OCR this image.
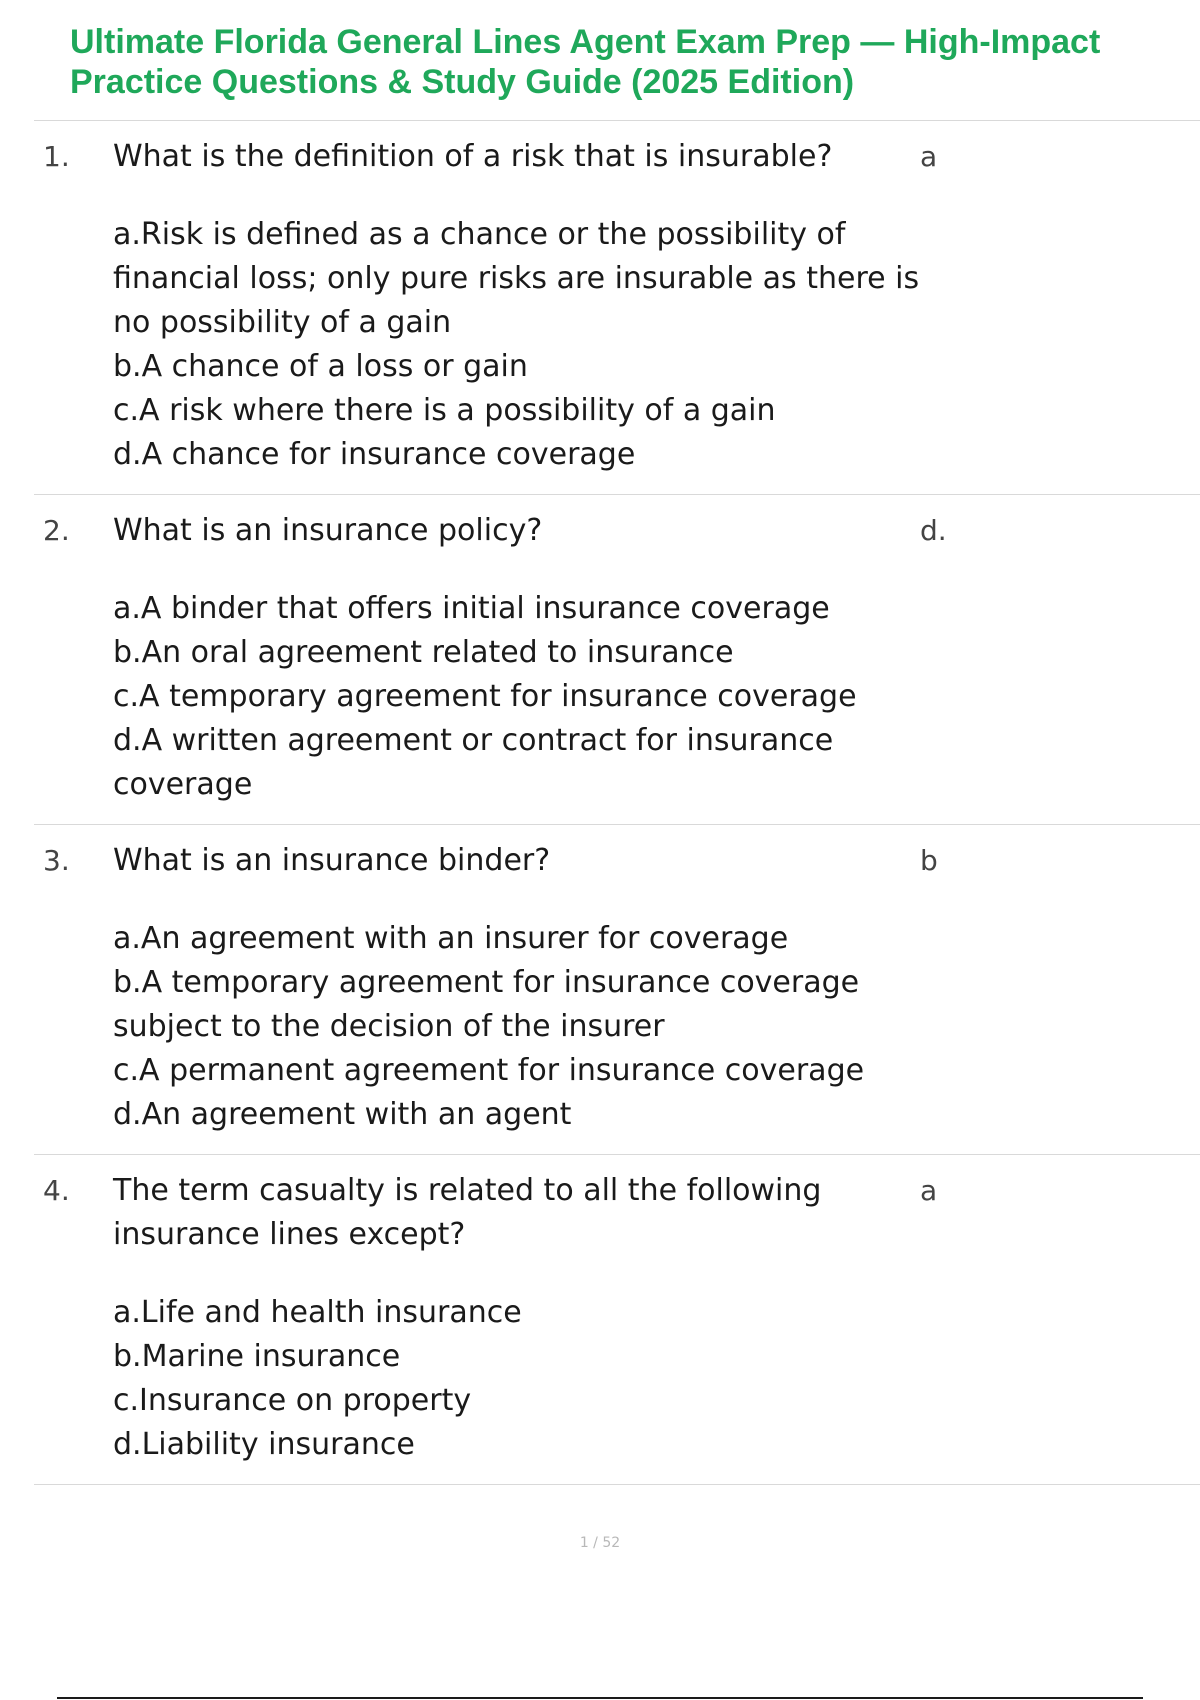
Ultimate Florida General Lines Agent Exam Prep — High-Impact Practice Questions & Study Guide (2025 Edition)
1. What is the definition of a risk that is insurable?

a.Risk is defined as a chance or the possibility of financial loss; only pure risks are insurable as there is no possibility of a gain

b.A chance of a loss or gain

c.A risk where there is a possibility of a gain

d.A chance for insurance coverage

a
2. What is an insurance policy?

a.A binder that offers initial insurance coverage

b.An oral agreement related to insurance

c.A temporary agreement for insurance coverage

d.A written agreement or contract for insurance coverage

d.
3. What is an insurance binder?

a.An agreement with an insurer for coverage

b.A temporary agreement for insurance coverage subject to the decision of the insurer

c.A permanent agreement for insurance coverage

d.An agreement with an agent

b
4. The term casualty is related to all the following insurance lines except?

a.Life and health insurance

b.Marine insurance

c.Insurance on property

d.Liability insurance

a
1 / 52
